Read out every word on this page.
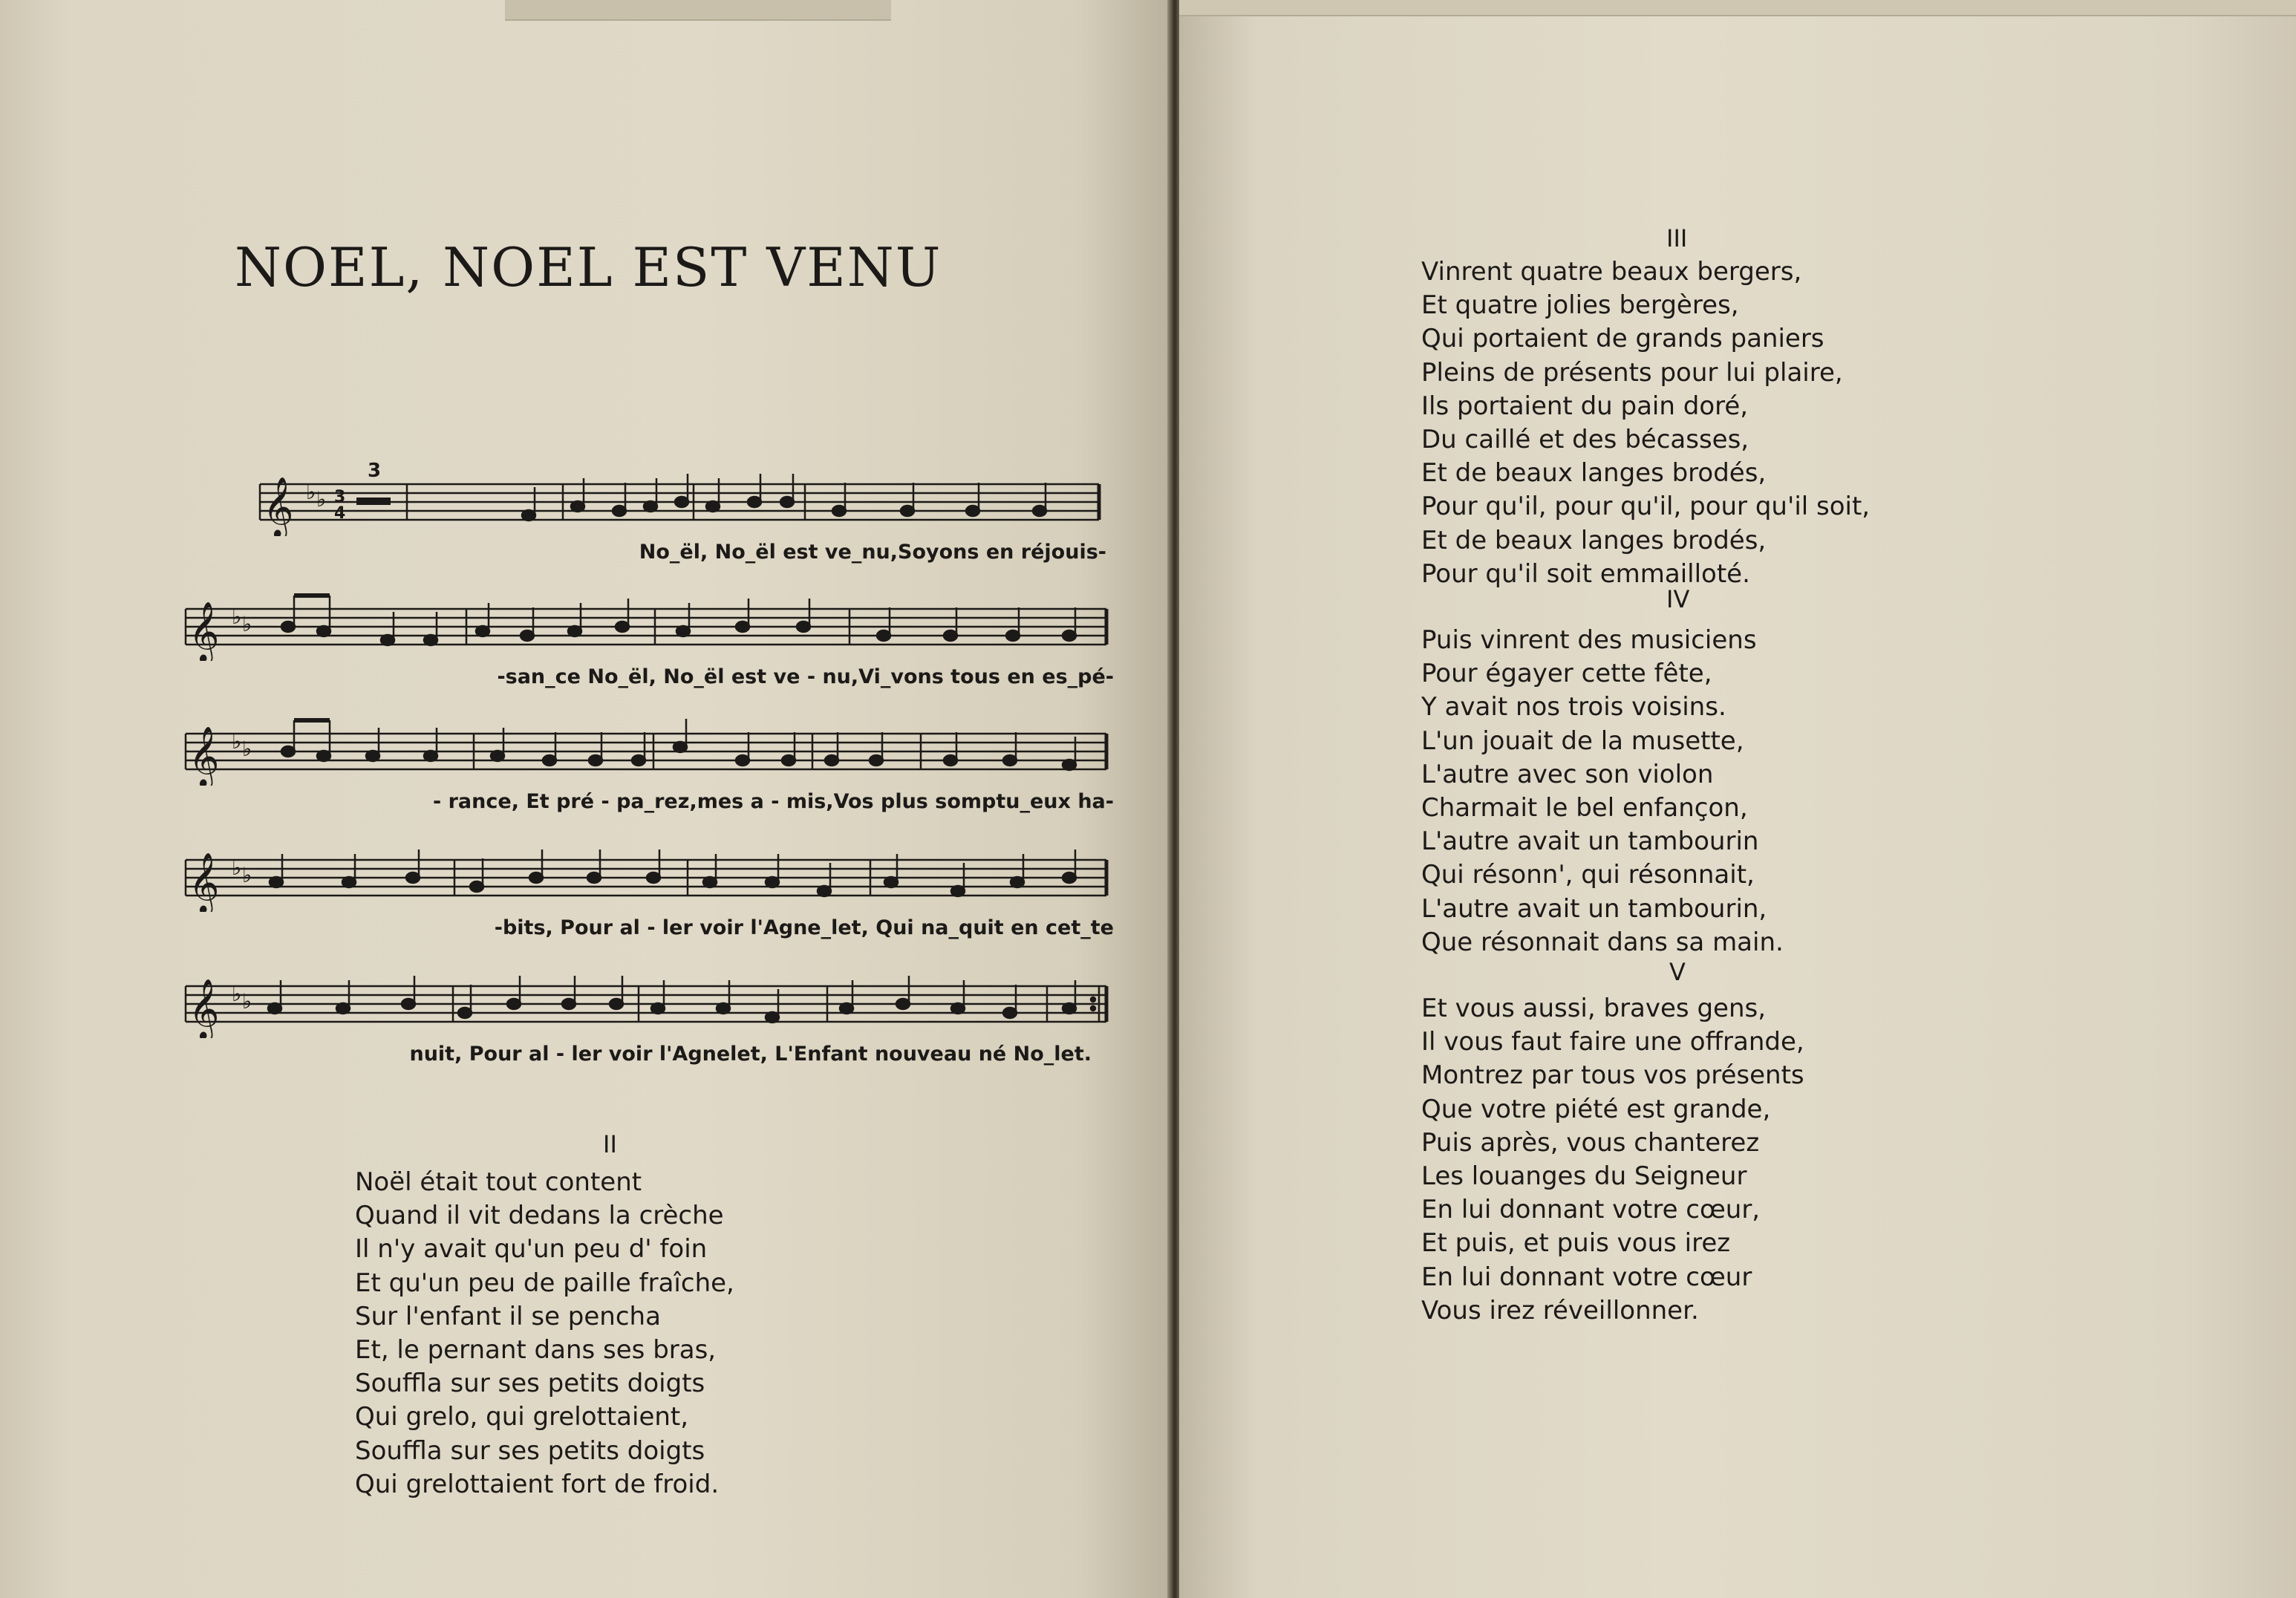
NOEL, NOEL EST VENU
𝄞 ♭ ♭ 3
4
3
No_ël, No_ël est ve_nu,Soyons en réjouis-
𝄞 ♭ ♭
-san_ce No_ël, No_ël est ve - nu,Vi_vons tous en es_pé-
𝄞 ♭ ♭
- rance, Et pré - pa_rez,mes a - mis,Vos plus somptu_eux ha-
𝄞 ♭ ♭
-bits, Pour al - ler voir l'Agne_let, Qui na_quit en cet_te
𝄞 ♭ ♭
nuit, Pour al - ler voir l'Agnelet, L'Enfant nouveau né No_let.
II
Noël était tout content
Quand il vit dedans la crèche
Il n'y avait qu'un peu d' foin
Et qu'un peu de paille fraîche,
Sur l'enfant il se pencha
Et, le pernant dans ses bras,
Souffla sur ses petits doigts
Qui grelo, qui grelottaient,
Souffla sur ses petits doigts
Qui grelottaient fort de froid.
III
Vinrent quatre beaux bergers,
Et quatre jolies bergères,
Qui portaient de grands paniers
Pleins de présents pour lui plaire,
Ils portaient du pain doré,
Du caillé et des bécasses,
Et de beaux langes brodés,
Pour qu'il, pour qu'il, pour qu'il soit,
Et de beaux langes brodés,
Pour qu'il soit emmailloté.
IV
Puis vinrent des musiciens
Pour égayer cette fête,
Y avait nos trois voisins.
L'un jouait de la musette,
L'autre avec son violon
Charmait le bel enfançon,
L'autre avait un tambourin
Qui résonn', qui résonnait,
L'autre avait un tambourin,
Que résonnait dans sa main.
V
Et vous aussi, braves gens,
Il vous faut faire une offrande,
Montrez par tous vos présents
Que votre piété est grande,
Puis après, vous chanterez
Les louanges du Seigneur
En lui donnant votre cœur,
Et puis, et puis vous irez
En lui donnant votre cœur
Vous irez réveillonner.
